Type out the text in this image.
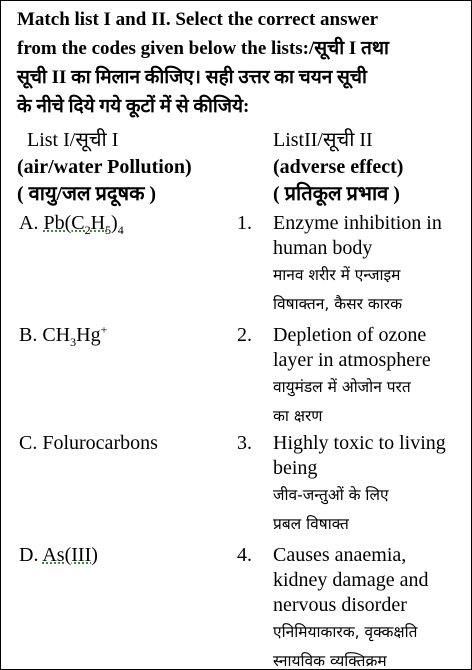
Match list I and II. Select the correct answer
from the codes given below the lists:/सूची I तथा
सूची II का मिलान कीजिए। सही उत्तर का चयन सूची
के नीचे दिये गये कूटों में से कीजिये:
List I/सूची I
(air/water Pollution)
( वायु/जल प्रदूषक )
ListII/सूची II
(adverse effect)
( प्रतिकूल प्रभाव )
A. $Pb(C_2H_5)_4$
B. $CH_3Hg^+$
C. Folurocarbons
D. As(III)
1. Enzyme inhibition in
human body
मानव शरीर में एन्जाइम
विषाक्तन, कैसर कारक
2. Depletion of ozone
layer in atmosphere
वायुमंडल में ओजोन परत
का क्षरण
3. Highly toxic to living
being
जीव-जन्तुओं के लिए
प्रबल विषाक्त
4. Causes anaemia,
kidney damage and
nervous disorder
एनिमियाकारक, वृक्कक्षति
स्नायविक व्यक्तिक्रम
